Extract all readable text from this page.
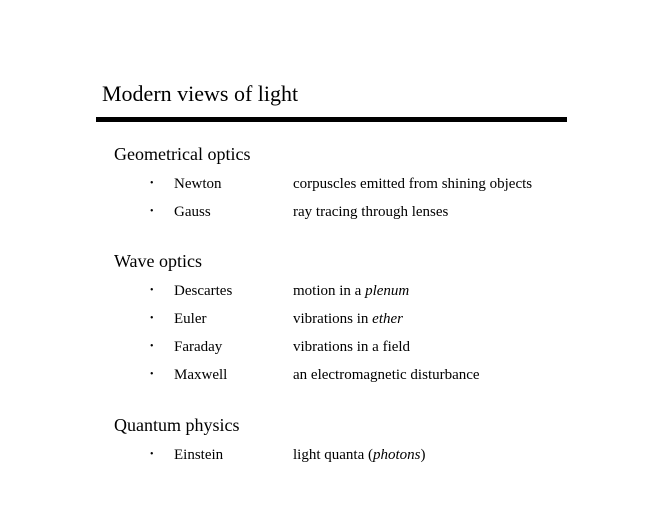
Modern views of light
Geometrical optics
• Newton	corpuscles emitted from shining objects
• Gauss	ray tracing through lenses
Wave optics
• Descartes	motion in a plenum
• Euler	vibrations in ether
• Faraday	vibrations in a field
• Maxwell	an electromagnetic disturbance
Quantum physics
• Einstein	light quanta (photons)
